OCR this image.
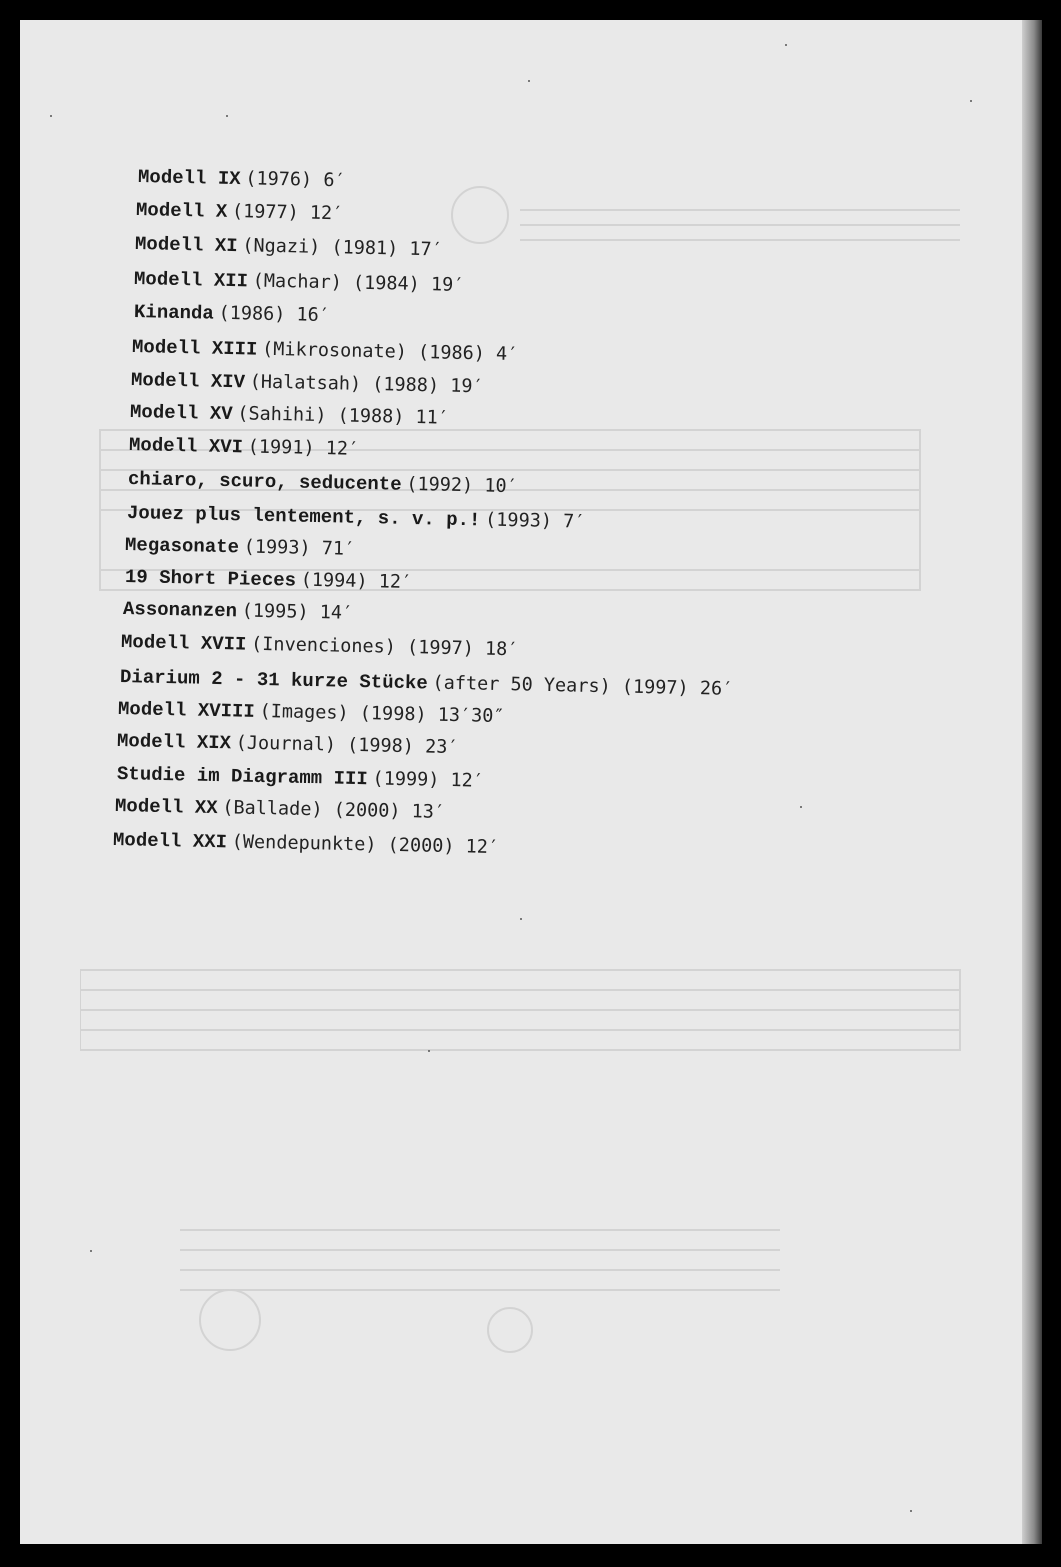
Modell IX (1976) 6′
Modell X (1977) 12′
Modell XI (Ngazi) (1981) 17′
Modell XII (Machar) (1984) 19′
Kinanda (1986) 16′
Modell XIII (Mikrosonate) (1986) 4′
Modell XIV (Halatsah) (1988) 19′
Modell XV (Sahihi) (1988) 11′
Modell XVI (1991) 12′
chiaro, scuro, seducente (1992) 10′
Jouez plus lentement, s. v. p.! (1993) 7′
Megasonate (1993) 71′
19 Short Pieces (1994) 12′
Assonanzen (1995) 14′
Modell XVII (Invenciones) (1997) 18′
Diarium 2 - 31 kurze Stücke (after 50 Years) (1997) 26′
Modell XVIII (Images) (1998) 13′30″
Modell XIX (Journal) (1998) 23′
Studie im Diagramm III (1999) 12′
Modell XX (Ballade) (2000) 13′
Modell XXI (Wendepunkte) (2000) 12′
